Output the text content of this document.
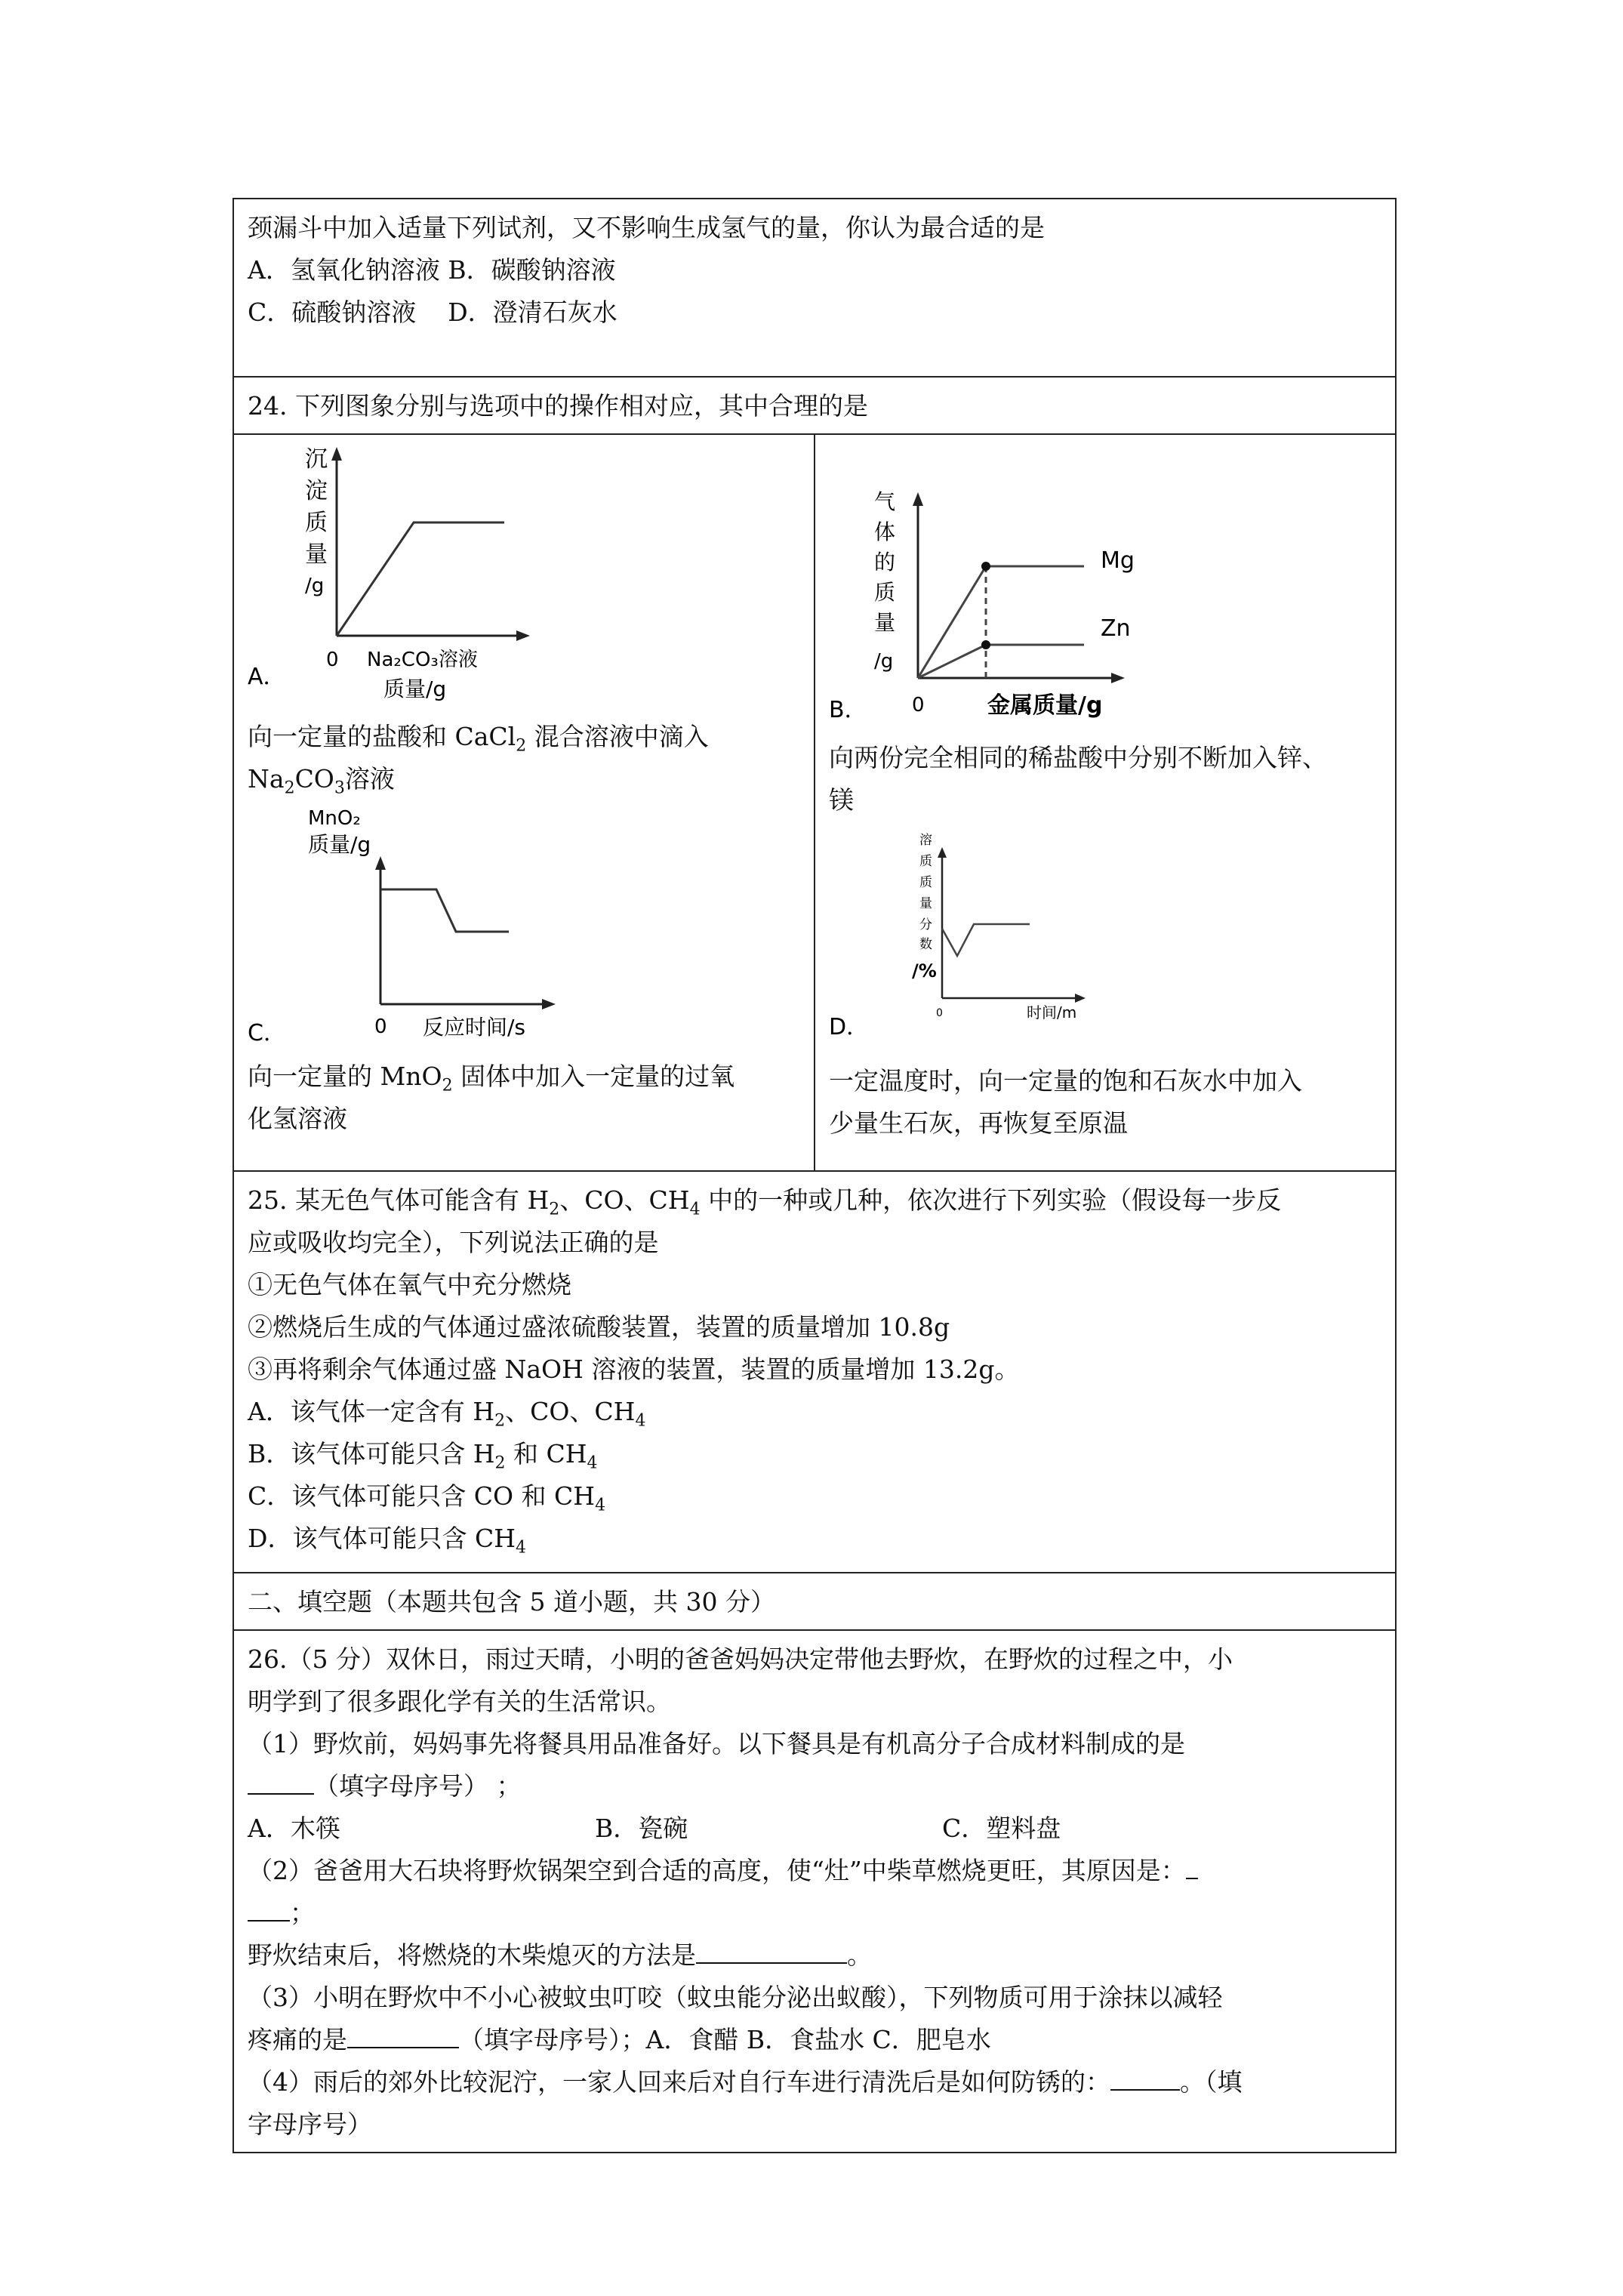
颈漏斗中加入适量下列试剂，又不影响生成氢气的量，你认为最合适的是
A．氢氧化钠溶液 B．碳酸钠溶液
C．硫酸钠溶液    D．澄清石灰水

24. 下列图象分别与选项中的操作相对应，其中合理的是

沉
淀
质
量
/g
0 Na₂CO₃溶液
质量/g
A．
向一定量的盐酸和 CaCl$_2$ 混合溶液中滴入
$Na_2CO_3$溶液
MnO₂
质量/g
0 反应时间/s
C．
向一定量的 MnO$_2$ 固体中加入一定量的过氧
化氢溶液

气
体
的
质
量
/g
Mg
Zn
0	金属质量/g
B．
向两份完全相同的稀盐酸中分别不断加入锌、
镁
溶
质
质
量
分
数
/%
0	时间/m
D．
一定温度时，向一定量的饱和石灰水中加入
少量生石灰，再恢复至原温

25. 某无色气体可能含有 $H_2$、CO、$CH_4$ 中的一种或几种，依次进行下列实验（假设每一步反
应或吸收均完全），下列说法正确的是
①无色气体在氧气中充分燃烧
②燃烧后生成的气体通过盛浓硫酸装置，装置的质量增加 10.8g
③再将剩余气体通过盛 NaOH 溶液的装置，装置的质量增加 13.2g。
A．该气体一定含有 $H_2$、CO、$CH_4$
B．该气体可能只含 $H_2$ 和 $CH_4$
C．该气体可能只含 CO 和 $CH_4$
D．该气体可能只含 $CH_4$

二、填空题（本题共包含 5 道小题，共 30 分）

26.（5 分）双休日，雨过天晴，小明的爸爸妈妈决定带他去野炊，在野炊的过程之中，小
明学到了很多跟化学有关的生活常识。
（1）野炊前，妈妈事先将餐具用品准备好。以下餐具是有机高分子合成材料制成的是
（填字母序号） ；
A．木筷	B．瓷碗	C．塑料盘
（2）爸爸用大石块将野炊锅架空到合适的高度，使“灶”中柴草燃烧更旺，其原因是：
；
野炊结束后，将燃烧的木柴熄灭的方法是	。
（3）小明在野炊中不小心被蚊虫叮咬（蚊虫能分泌出蚁酸），下列物质可用于涂抹以减轻
疼痛的是	（填字母序号）；A．食醋 B．食盐水 C．肥皂水
（4）雨后的郊外比较泥泞，一家人回来后对自行车进行清洗后是如何防锈的：	。（填
字母序号）
